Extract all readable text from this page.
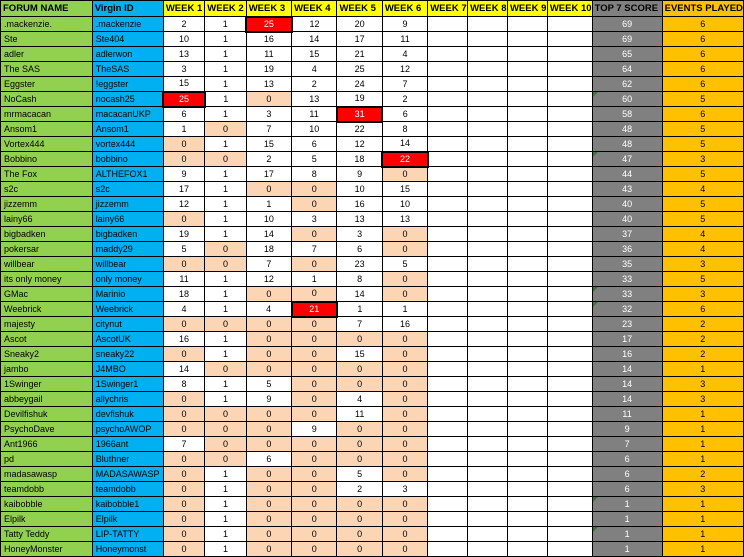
FORUM NAME	Virgin ID	WEEK 1	WEEK 2	WEEK 3	WEEK 4	WEEK 5	WEEK 6	WEEK 7	WEEK 8	WEEK 9	WEEK 10	TOP 7 SCORE	EVENTS PLAYED
.mackenzie.	.mackenzie	2	1	25	12	20	9					69	6
Ste	Ste404	10	1	16	14	17	11					69	6
adler	adlerwon	13	1	11	15	21	4					65	6
The SAS	TheSAS	3	1	19	4	25	12					64	6
Eggster	!eggster	15	1	13	2	24	7					62	6
NoCash	nocash25	25	1	0	13	19	2					60	5
mrmacacan	macacanUKP	6	1	3	11	31	6					58	6
Ansom1	Ansom1	1	0	7	10	22	8					48	5
Vortex444	vortex444	0	1	15	6	12	14					48	5
Bobbino	bobbino	0	0	2	5	18	22					47	3
The Fox	ALTHEFOX1	9	1	17	8	9	0					44	5
s2c	s2c	17	1	0	0	10	15					43	4
jizzemm	jizzemm	12	1	1	0	16	10					40	5
lainy66	lainy66	0	1	10	3	13	13					40	5
bigbadken	bigbadken	19	1	14	0	3	0					37	4
pokersar	maddy29	5	0	18	7	6	0					36	4
willbear	willbear	0	0	7	0	23	5					35	3
its only money	only money	11	1	12	1	8	0					33	5
GMac	Marinio	18	1	0	0	14	0					33	3
Weebrick	Weebrick	4	1	4	21	1	1					32	6
majesty	citynut	0	0	0	0	7	16					23	2
Ascot	AscotUK	16	1	0	0	0	0					17	2
Sneaky2	sneaky22	0	1	0	0	15	0					16	2
jambo	J4MBO	14	0	0	0	0	0					14	1
1Swinger	1Swinger1	8	1	5	0	0	0					14	3
abbeygail	allychris	0	1	9	0	4	0					14	3
Devilfishuk	devfishuk	0	0	0	0	11	0					11	1
PsychoDave	psychoAWOP	0	0	0	9	0	0					9	1
Ant1966	1966ant	7	0	0	0	0	0					7	1
pd	Bluthner	0	0	6	0	0	0					6	1
madasawasp	MADASAWASP	0	1	0	0	5	0					6	2
teamdobb	teamdobb	0	1	0	0	2	3					6	3
kaibobble	kaibobble1	0	1	0	0	0	0					1	1
Elpilk	Elpilk	0	1	0	0	0	0					1	1
Tatty Teddy	LIP-TATTY	0	1	0	0	0	0					1	1
HoneyMonster	Honeymonst	0	1	0	0	0	0					1	1
